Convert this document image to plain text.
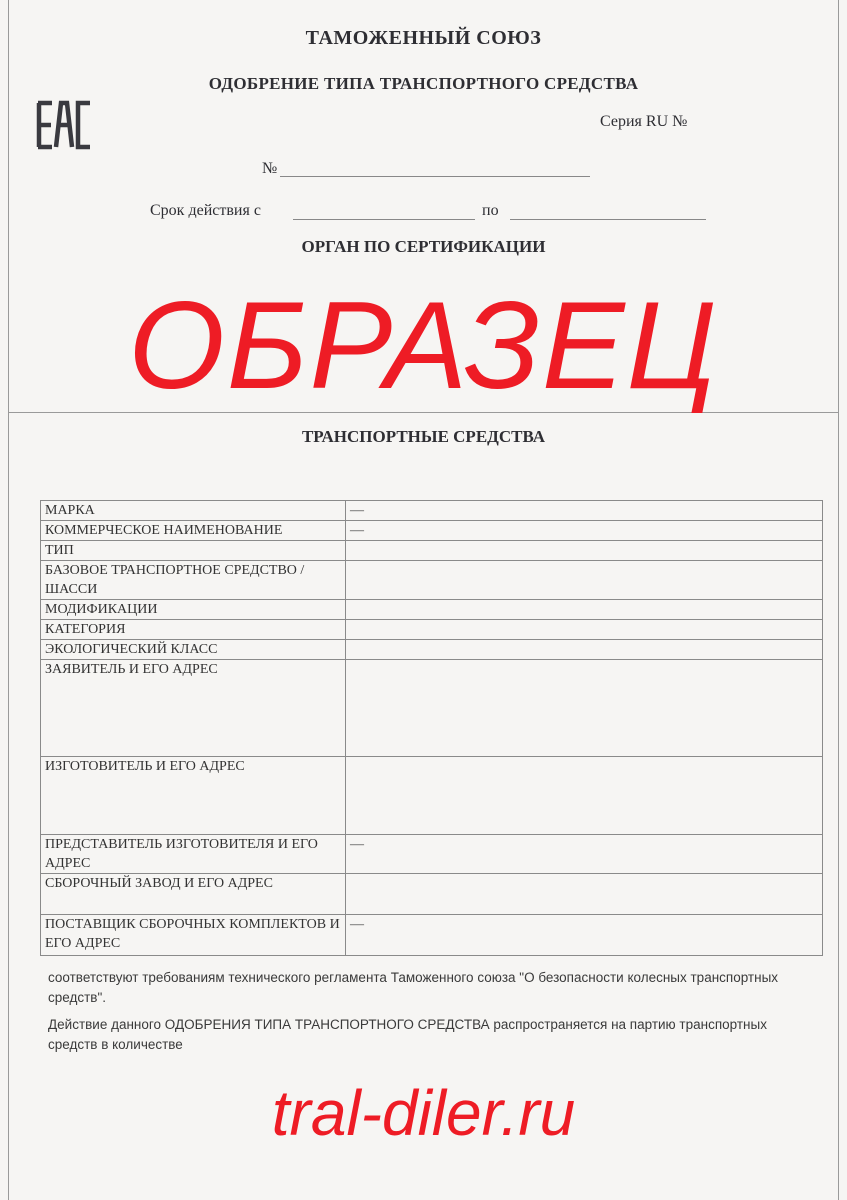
ТАМОЖЕННЫЙ СОЮЗ
ОДОБРЕНИЕ ТИПА ТРАНСПОРТНОГО СРЕДСТВА
Серия RU №
№
Срок действия с	по
ОРГАН ПО СЕРТИФИКАЦИИ
ОБРАЗЕЦ
ТРАНСПОРТНЫЕ СРЕДСТВА
МАРКА	—
КОММЕРЧЕСКОЕ НАИМЕНОВАНИЕ	—
ТИП	
БАЗОВОЕ ТРАНСПОРТНОЕ СРЕДСТВО / ШАССИ	
МОДИФИКАЦИИ	
КАТЕГОРИЯ	
ЭКОЛОГИЧЕСКИЙ КЛАСС	
ЗАЯВИТЕЛЬ И ЕГО АДРЕС	
ИЗГОТОВИТЕЛЬ И ЕГО АДРЕС	
ПРЕДСТАВИТЕЛЬ ИЗГОТОВИТЕЛЯ И ЕГО АДРЕС	—
СБОРОЧНЫЙ ЗАВОД И ЕГО АДРЕС	
ПОСТАВЩИК СБОРОЧНЫХ КОМПЛЕКТОВ И ЕГО АДРЕС	—
соответствуют требованиям технического регламента Таможенного союза "О безопасности колесных транспортных средств".
Действие данного ОДОБРЕНИЯ ТИПА ТРАНСПОРТНОГО СРЕДСТВА распространяется на партию транспортных средств в количестве
tral-diler.ru
